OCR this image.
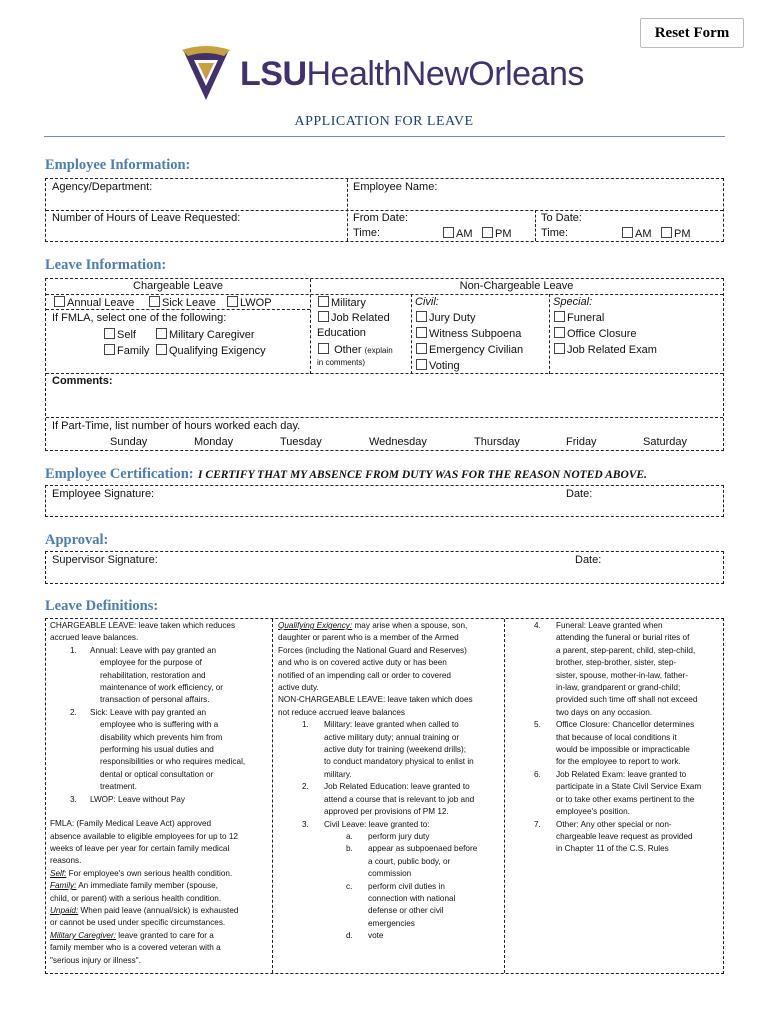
Reset Form
LSUHealthNewOrleans
APPLICATION FOR LEAVE
Employee Information:
Agency/Department:	Employee Name:
Number of Hours of Leave Requested:	From Date:
Time:	AM	PM
To Date:
Time:	AM	PM
Leave Information:
Chargeable Leave	Non-Chargeable Leave
Annual Leave	Sick Leave	LWOP
If FMLA, select one of the following:
Self	Military Caregiver
Family	Qualifying Exigency
Military
Job Related
Education
Other (explain
in comments)
Civil:
Jury Duty
Witness Subpoena
Emergency Civilian
Voting
Special:
Funeral
Office Closure
Job Related Exam
Comments:
If Part-Time, list number of hours worked each day.
Sunday	Monday	Tuesday	Wednesday	Thursday	Friday	Saturday
Employee Certification: I CERTIFY THAT MY ABSENCE FROM DUTY WAS FOR THE REASON NOTED ABOVE.
Employee Signature:	Date:
Approval:
Supervisor Signature:	Date:
Leave Definitions:
CHARGEABLE LEAVE: leave taken which reduces
accrued leave balances.
1.	Annual: Leave with pay granted an
employee for the purpose of
rehabilitation, restoration and
maintenance of work efficiency, or
transaction of personal affairs.
2.	Sick: Leave with pay granted an
employee who is suffering with a
disability which prevents him from
performing his usual duties and
responsibilities or who requires medical,
dental or optical consultation or
treatment.
3.	LWOP: Leave without Pay
FMLA: (Family Medical Leave Act) approved
absence available to eligible employees for up to 12
weeks of leave per year for certain family medical
reasons.
Self: For employee's own serious health condition.
Family: An immediate family member (spouse,
child, or parent) with a serious health condition.
Unpaid: When paid leave (annual/sick) is exhausted
or cannot be used under specific circumstances.
Military Caregiver: leave granted to care for a
family member who is a covered veteran with a
"serious injury or illness".
Qualifying Exigency: may arise when a spouse, son,
daughter or parent who is a member of the Armed
Forces (including the National Guard and Reserves)
and who is on covered active duty or has been
notified of an impending call or order to covered
active duty.
NON-CHARGEABLE LEAVE: leave taken which does
not reduce accrued leave balances
1.	Military: leave granted when called to
active military duty; annual training or
active duty for training (weekend drills);
to conduct mandatory physical to enlist in
military.
2.	Job Related Education: leave granted to
attend a course that is relevant to job and
approved per provisions of PM 12.
3.	Civil Leave: leave granted to:
a.	perform jury duty
b.	appear as subpoenaed before
a court, public body, or
commission
c.	perform civil duties in
connection with national
defense or other civil
emergencies
d.	vote
4.	Funeral: Leave granted when
attending the funeral or burial rites of
a parent, step-parent, child, step-child,
brother, step-brother, sister, step-
sister, spouse, mother-in-law, father-
in-law, grandparent or grand-child;
provided such time off shall not exceed
two days on any occasion.
5.	Office Closure: Chancellor determines
that because of local conditions it
would be impossible or impracticable
for the employee to report to work.
6.	Job Related Exam: leave granted to
participate in a State Civil Service Exam
or to take other exams pertinent to the
employee's position.
7.	Other: Any other special or non-
chargeable leave request as provided
in Chapter 11 of the C.S. Rules
